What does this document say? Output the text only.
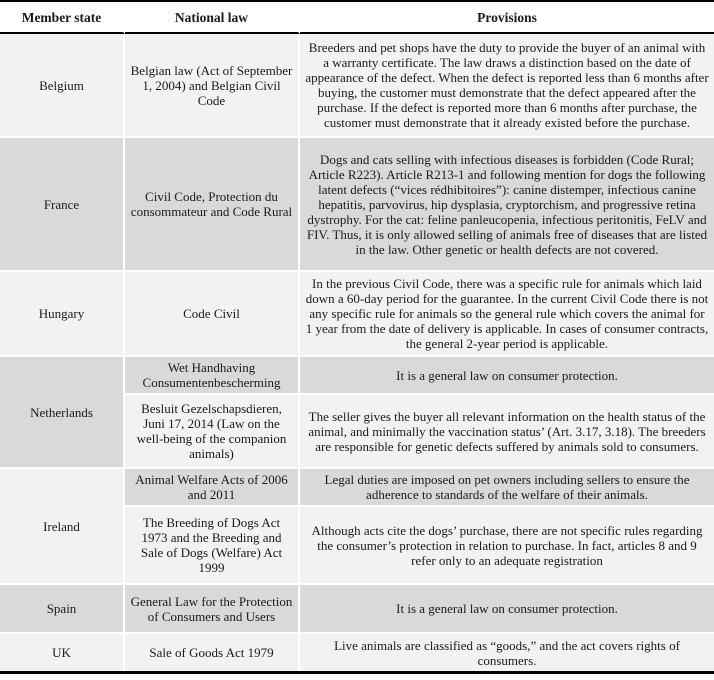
Member state	National law	Provisions
Belgium	Belgian law (Act of September 1, 2004) and Belgian Civil Code	Breeders and pet shops have the duty to provide the buyer of an animal with a warranty certificate. The law draws a distinction based on the date of appearance of the defect. When the defect is reported less than 6 months after buying, the customer must demonstrate that the defect appeared after the purchase. If the defect is reported more than 6 months after purchase, the customer must demonstrate that it already existed before the purchase.
France	Civil Code, Protection du consommateur and Code Rural	Dogs and cats selling with infectious diseases is forbidden (Code Rural; Article R223). Article R213-1 and following mention for dogs the following latent defects (“vices rédhibitoires”): canine distemper, infectious canine hepatitis, parvovirus, hip dysplasia, cryptorchism, and progressive retina dystrophy. For the cat: feline panleucopenia, infectious peritonitis, FeLV and FIV. Thus, it is only allowed selling of animals free of diseases that are listed in the law. Other genetic or health defects are not covered.
Hungary	Code Civil	In the previous Civil Code, there was a specific rule for animals which laid down a 60-day period for the guarantee. In the current Civil Code there is not any specific rule for animals so the general rule which covers the animal for 1 year from the date of delivery is applicable. In cases of consumer contracts, the general 2-year period is applicable.
Netherlands	Wet Handhaving Consumentenbescherming	It is a general law on consumer protection.
	Besluit Gezelschapsdieren, Juni 17, 2014 (Law on the well-being of the companion animals)	The seller gives the buyer all relevant information on the health status of the animal, and minimally the vaccination status’ (Art. 3.17, 3.18). The breeders are responsible for genetic defects suffered by animals sold to consumers.
Ireland	Animal Welfare Acts of 2006 and 2011	Legal duties are imposed on pet owners including sellers to ensure the adherence to standards of the welfare of their animals.
	The Breeding of Dogs Act 1973 and the Breeding and Sale of Dogs (Welfare) Act 1999	Although acts cite the dogs’ purchase, there are not specific rules regarding the consumer’s protection in relation to purchase. In fact, articles 8 and 9 refer only to an adequate registration
Spain	General Law for the Protection of Consumers and Users	It is a general law on consumer protection.
UK	Sale of Goods Act 1979	Live animals are classified as “goods,” and the act covers rights of consumers.
